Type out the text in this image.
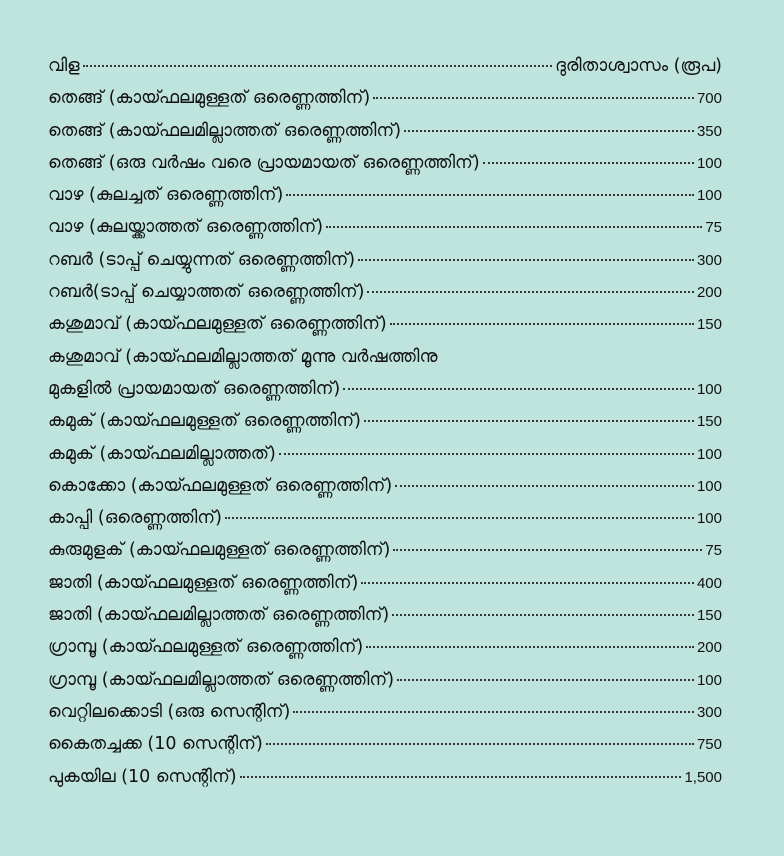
വിള	ദുരിതാശ്വാസം (രൂപ)
തെങ്ങ് (കായ്ഫലമുള്ളത് ഒരെണ്ണത്തിന്)	700
തെങ്ങ് (കായ്ഫലമില്ലാത്തത് ഒരെണ്ണത്തിന്)	350
തെങ്ങ് (ഒരു വർഷം വരെ പ്രായമായത് ഒരെണ്ണത്തിന്)	100
വാഴ (കുലച്ചത് ഒരെണ്ണത്തിന്)	100
വാഴ (കുലയ്ക്കാത്തത് ഒരെണ്ണത്തിന്)	75
റബർ (ടാപ്പ് ചെയ്യുന്നത് ഒരെണ്ണത്തിന്)	300
റബർ(ടാപ്പ് ചെയ്യാത്തത് ഒരെണ്ണത്തിന്)	200
കശുമാവ് (കായ്ഫലമുള്ളത് ഒരെണ്ണത്തിന്)	150
കശുമാവ് (കായ്ഫലമില്ലാത്തത് മൂന്നു വർഷത്തിനു
മുകളിൽ പ്രായമായത് ഒരെണ്ണത്തിന്)	100
കമുക് (കായ്ഫലമുള്ളത് ഒരെണ്ണത്തിന്)	150
കമുക് (കായ്ഫലമില്ലാത്തത്)	100
കൊക്കോ (കായ്ഫലമുള്ളത് ഒരെണ്ണത്തിന്)	100
കാപ്പി (ഒരെണ്ണത്തിന്)	100
കുരുമുളക് (കായ്ഫലമുള്ളത് ഒരെണ്ണത്തിന്)	75
ജാതി (കായ്ഫലമുള്ളത് ഒരെണ്ണത്തിന്)	400
ജാതി (കായ്ഫലമില്ലാത്തത് ഒരെണ്ണത്തിന്)	150
ഗ്രാമ്പൂ (കായ്ഫലമുള്ളത് ഒരെണ്ണത്തിന്)	200
ഗ്രാമ്പൂ (കായ്ഫലമില്ലാത്തത് ഒരെണ്ണത്തിന്)	100
വെറ്റിലക്കൊടി (ഒരു സെന്റിന്)	300
കൈതച്ചക്ക (10 സെന്റിന്)	750
പുകയില (10 സെന്റിന്)	1,500
